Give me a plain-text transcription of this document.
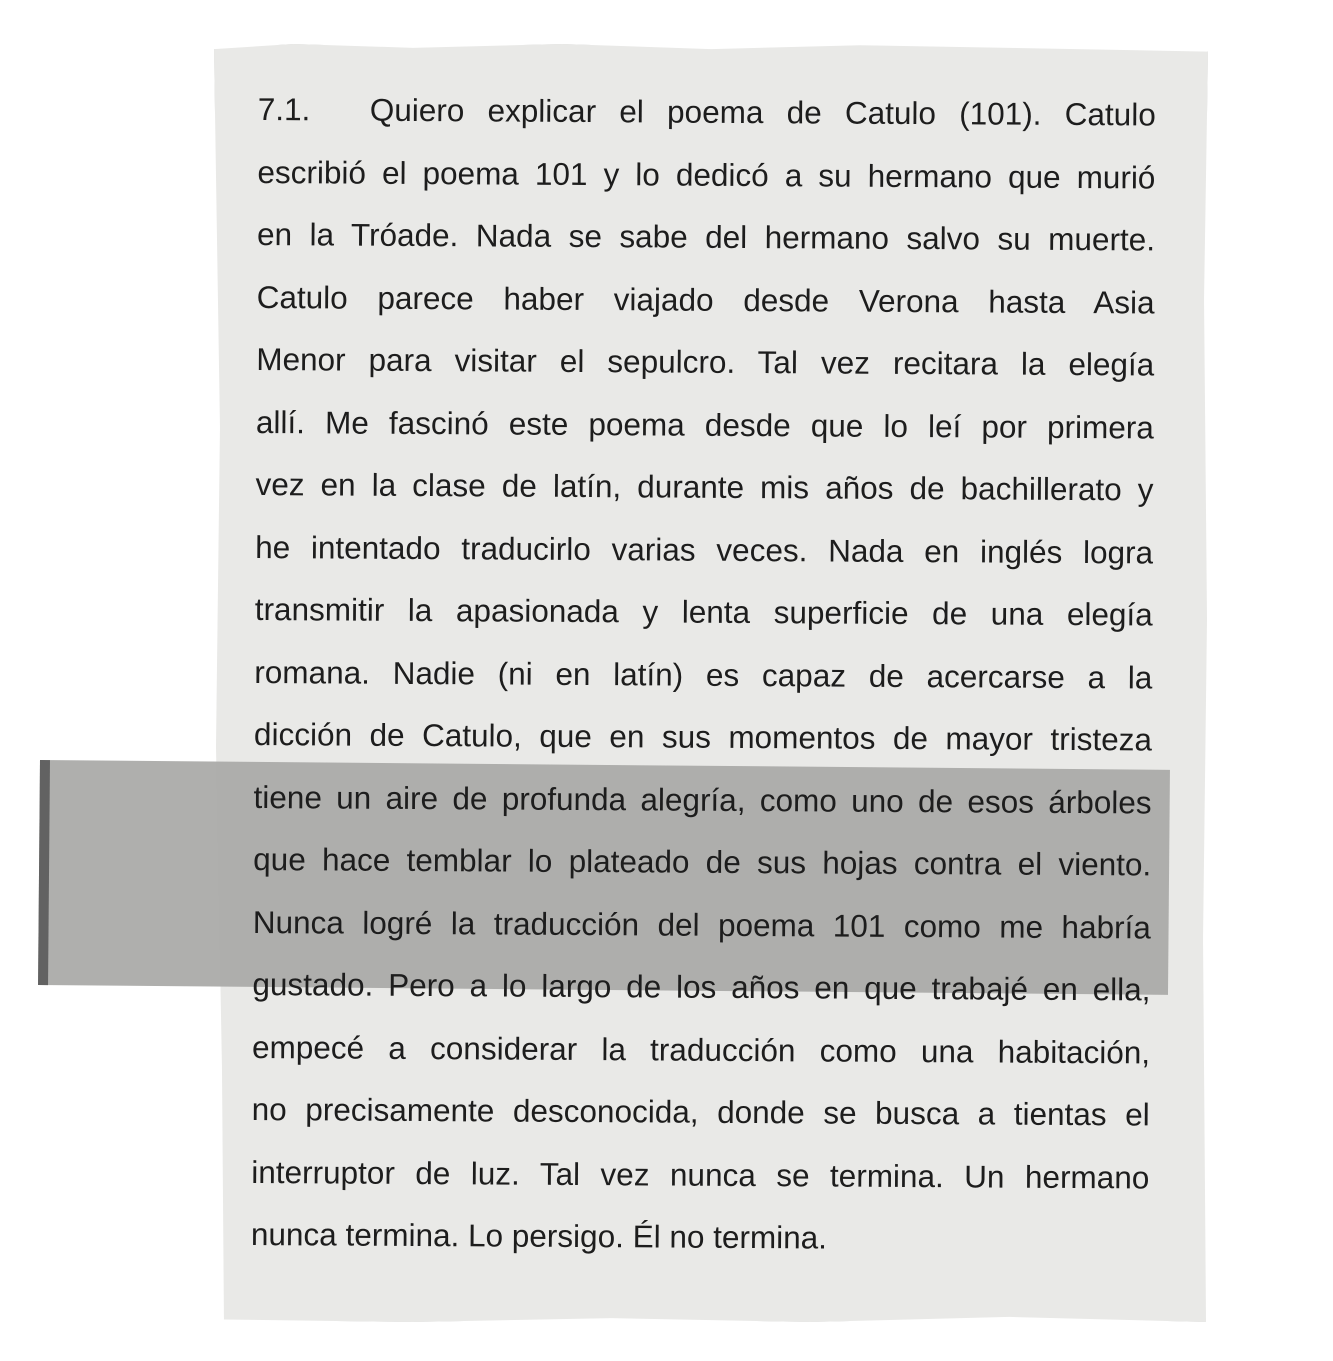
7.1.	Quiero explicar el poema de Catulo (101). Catulo
escribió el poema 101 y lo dedicó a su hermano que murió
en la Tróade. Nada se sabe del hermano salvo su muerte.
Catulo parece haber viajado desde Verona hasta Asia
Menor para visitar el sepulcro. Tal vez recitara la elegía
allí. Me fascinó este poema desde que lo leí por primera
vez en la clase de latín, durante mis años de bachillerato y
he intentado traducirlo varias veces. Nada en inglés logra
transmitir la apasionada y lenta superficie de una elegía
romana. Nadie (ni en latín) es capaz de acercarse a la
dicción de Catulo, que en sus momentos de mayor tristeza
tiene un aire de profunda alegría, como uno de esos árboles
que hace temblar lo plateado de sus hojas contra el viento.
Nunca logré la traducción del poema 101 como me habría
gustado. Pero a lo largo de los años en que trabajé en ella,
empecé a considerar la traducción como una habitación,
no precisamente desconocida, donde se busca a tientas el
interruptor de luz. Tal vez nunca se termina. Un hermano
nunca termina. Lo persigo. Él no termina.
